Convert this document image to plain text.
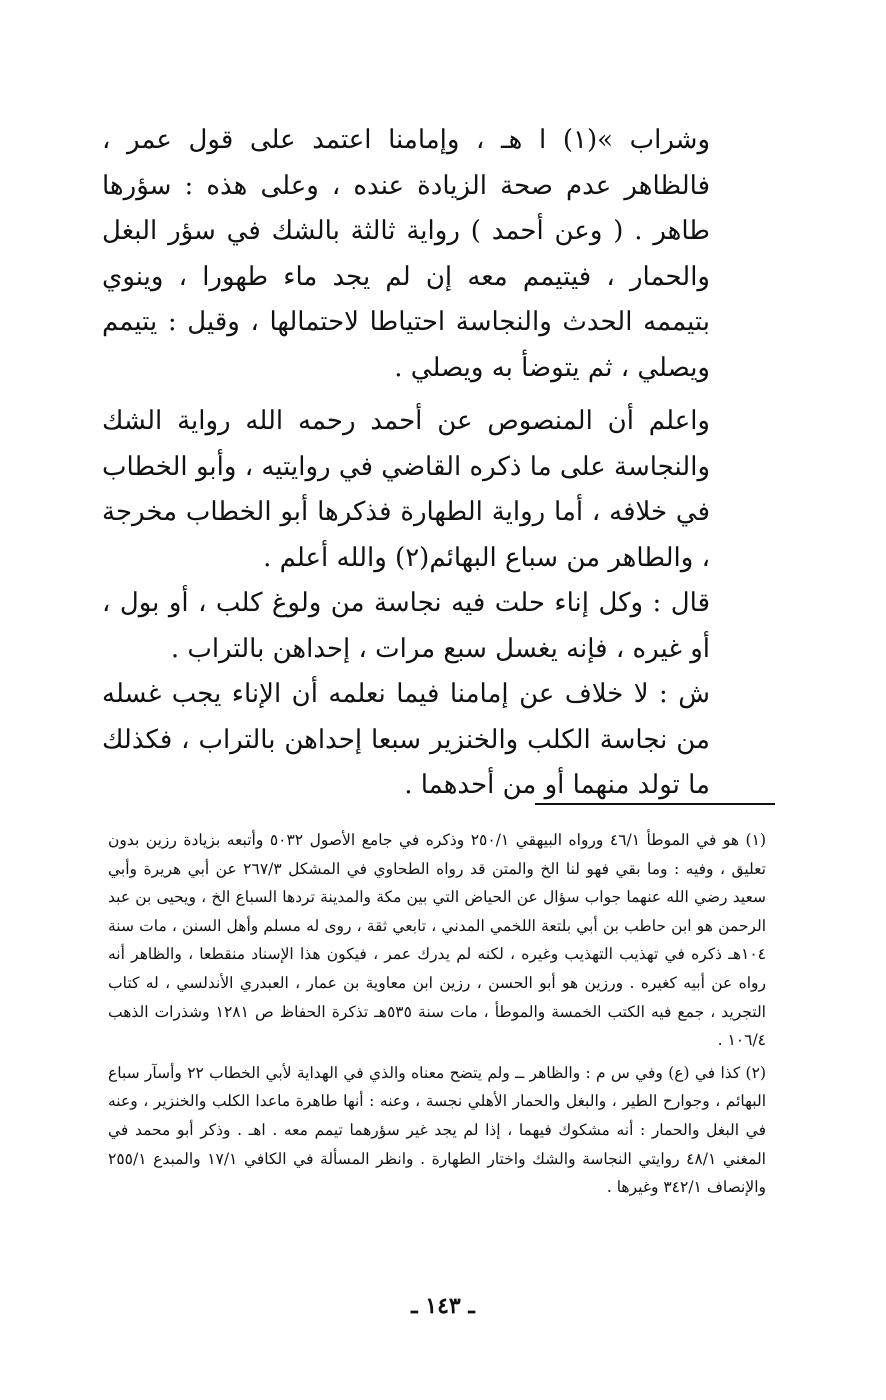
وشراب »(١) ا هـ ، وإمامنا اعتمد على قول عمر ، فالظاهر عدم صحة الزيادة عنده ، وعلى هذه : سؤرها طاهر . ( وعن أحمد ) رواية ثالثة بالشك في سؤر البغل والحمار ، فيتيمم معه إن لم يجد ماء طهورا ، وينوي بتيممه الحدث والنجاسة احتياطا لاحتمالها ، وقيل : يتيمم ويصلي ، ثم يتوضأ به ويصلي .

واعلم أن المنصوص عن أحمد رحمه الله رواية الشك والنجاسة على ما ذكره القاضي في روايتيه ، وأبو الخطاب في خلافه ، أما رواية الطهارة فذكرها أبو الخطاب مخرجة ، والطاهر من سباع البهائم(٢) والله أعلم .

قال : وكل إناء حلت فيه نجاسة من ولوغ كلب ، أو بول ، أو غيره ، فإنه يغسل سبع مرات ، إحداهن بالتراب .

ش : لا خلاف عن إمامنا فيما نعلمه أن الإناء يجب غسله من نجاسة الكلب والخنزير سبعا إحداهن بالتراب ، فكذلك ما تولد منهما أو من أحدهما .

(١) هو في الموطأ ٤٦/١ ورواه البيهقي ٢٥٠/١ وذكره في جامع الأصول ٥٠٣٢ وأتبعه بزيادة رزين بدون تعليق ، وفيه : وما بقي فهو لنا الخ والمتن قد رواه الطحاوي في المشكل ٢٦٧/٣ عن أبي هريرة وأبي سعيد رضي الله عنهما جواب سؤال عن الحياض التي بين مكة والمدينة تردها السباع الخ ، ويحيى بن عبد الرحمن هو ابن حاطب بن أبي بلتعة اللخمي المدني ، تابعي ثقة ، روى له مسلم وأهل السنن ، مات سنة ١٠٤هـ ذكره في تهذيب التهذيب وغيره ، لكنه لم يدرك عمر ، فيكون هذا الإسناد منقطعا ، والظاهر أنه رواه عن أبيه كغيره . ورزين هو أبو الحسن ، رزين ابن معاوية بن عمار ، العبدري الأندلسي ، له كتاب التجريد ، جمع فيه الكتب الخمسة والموطأ ، مات سنة ٥٣٥هـ تذكرة الحفاظ ص ١٢٨١ وشذرات الذهب ١٠٦/٤ .

(٢) كذا في (ع) وفي س م : والظاهر ــ ولم يتضح معناه والذي في الهداية لأبي الخطاب ٢٢ وأسآر سباع البهائم ، وجوارح الطير ، والبغل والحمار الأهلي نجسة ، وعنه : أنها طاهرة ماعدا الكلب والخنزير ، وعنه في البغل والحمار : أنه مشكوك فيهما ، إذا لم يجد غير سؤرهما تيمم معه . اهـ . وذكر أبو محمد في المغني ٤٨/١ روايتي النجاسة والشك واختار الطهارة . وانظر المسألة في الكافي ١٧/١ والمبدع ٢٥٥/١ والإنصاف ٣٤٢/١ وغيرها .

ـ ١٤٣ ـ
